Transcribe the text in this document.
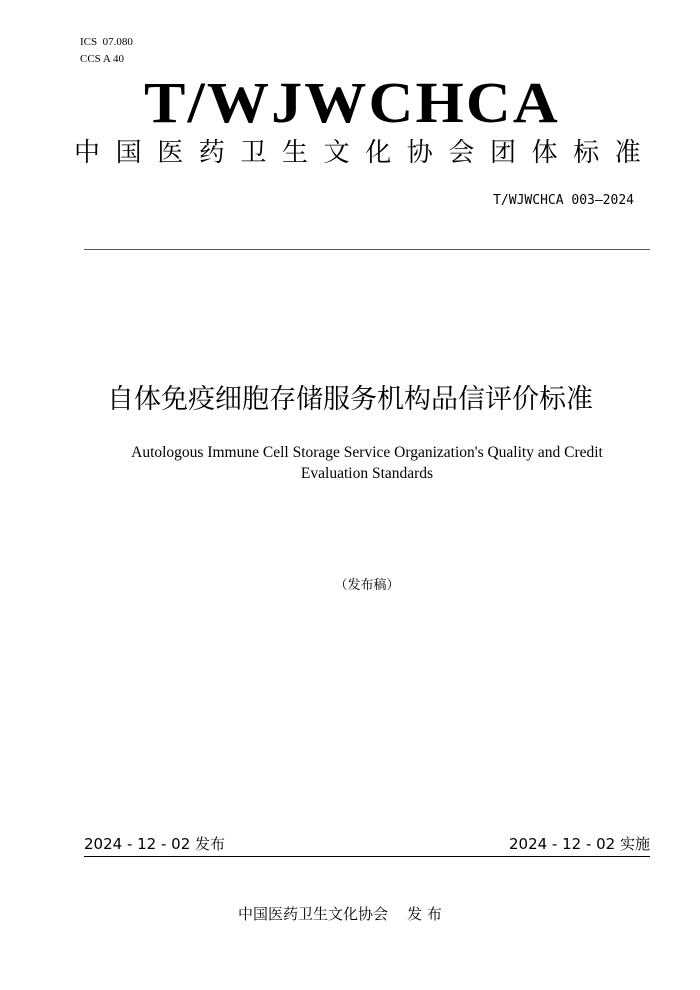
ICS  07.080
CCS A 40
T/WJWCHCA
中国医药卫生文化协会团体标准
T/WJWCHCA 003—2024
自体免疫细胞存储服务机构品信评价标准
Autologous Immune Cell Storage Service Organization's Quality and Credit
Evaluation Standards
（发布稿）
2024 - 12 - 02 发布	2024 - 12 - 02 实施
中国医药卫生文化协会    发 布
